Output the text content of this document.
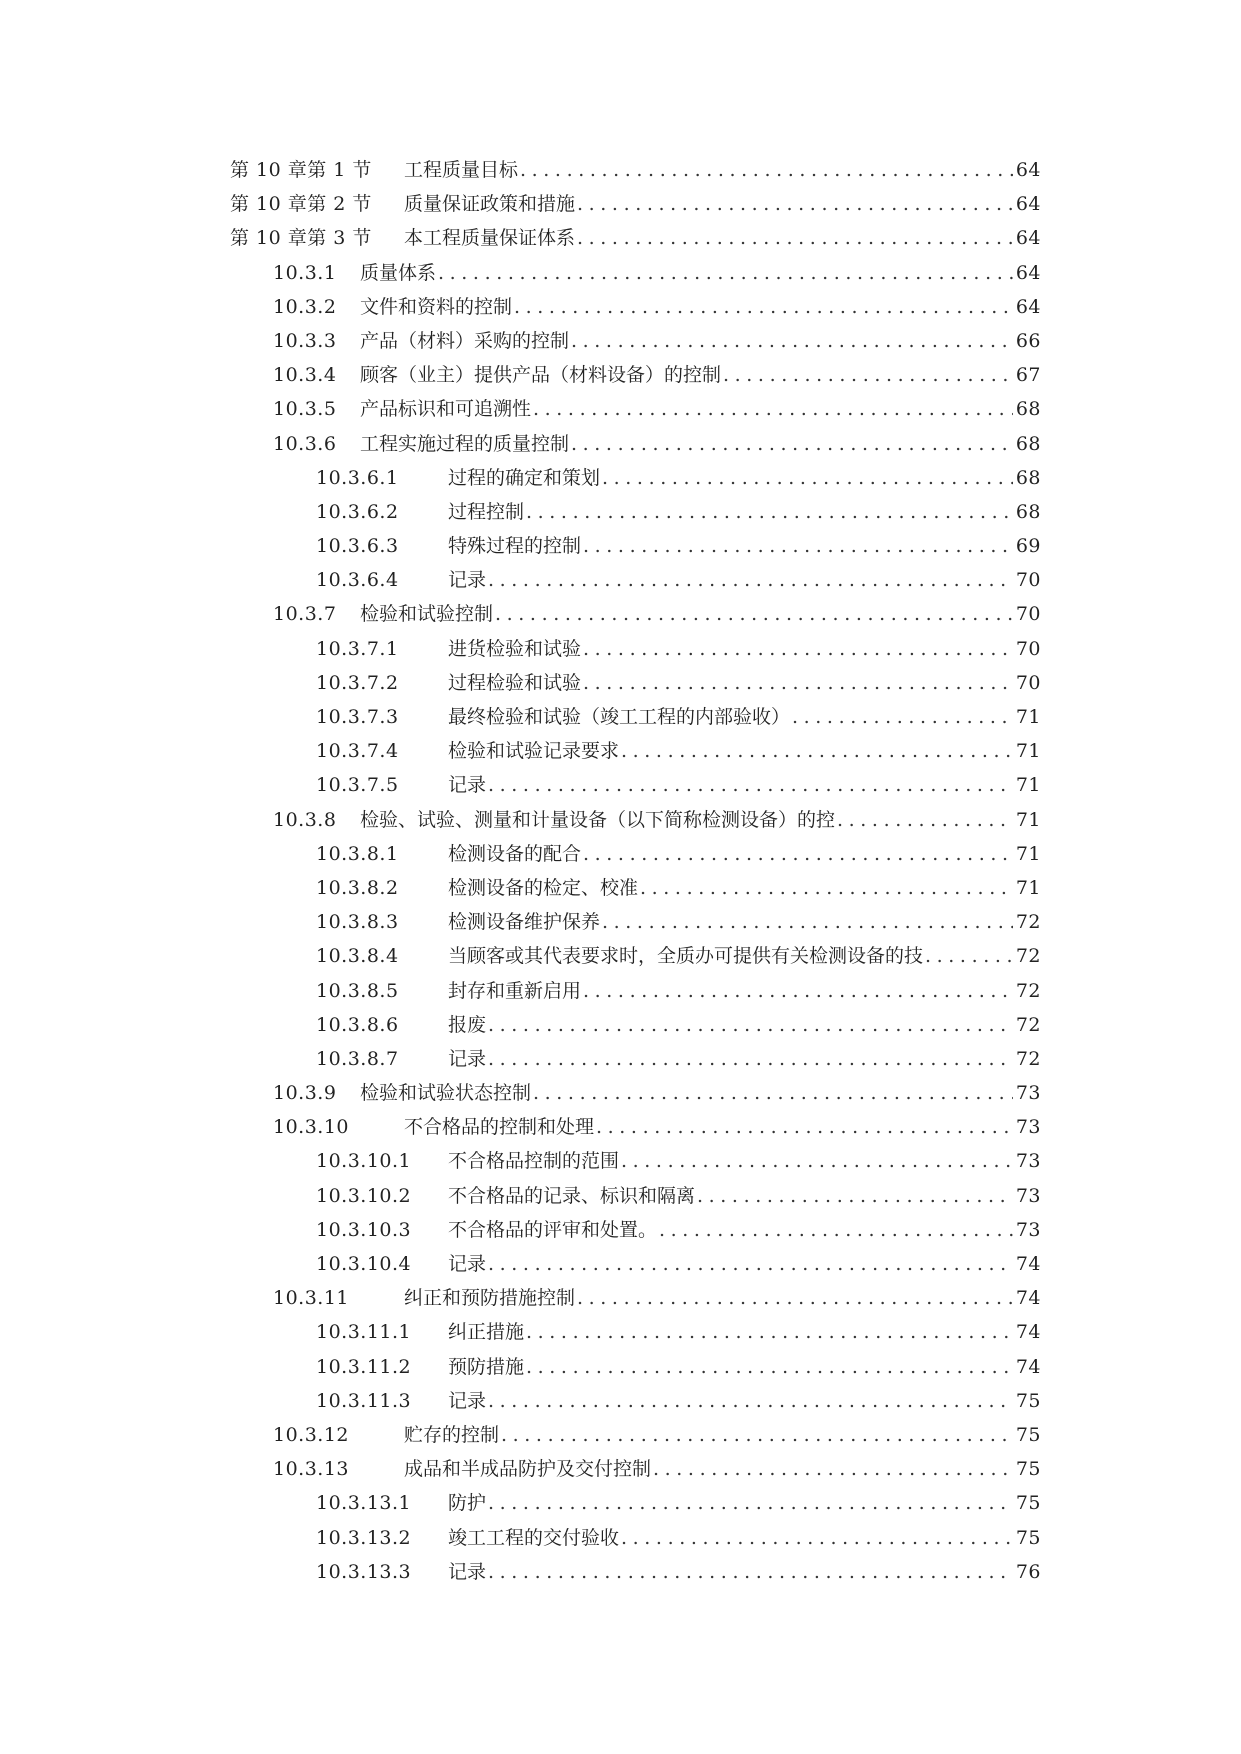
第 10 章第 1 节 工程质量目标 .....	64
第 10 章第 2 节 质量保证政策和措施 .....	64
第 10 章第 3 节 本工程质量保证体系 .....	64
10.3.1 质量体系 .....	64
10.3.2 文件和资料的控制 .....	64
10.3.3 产品（材料）采购的控制 .....	66
10.3.4 顾客（业主）提供产品（材料设备）的控制 .....	67
10.3.5 产品标识和可追溯性 .....	68
10.3.6 工程实施过程的质量控制 .....	68
10.3.6.1	过程的确定和策划 .....	68
10.3.6.2	过程控制 .....	68
10.3.6.3	特殊过程的控制 .....	69
10.3.6.4	记录 .....	70
10.3.7 检验和试验控制 .....	70
10.3.7.1	进货检验和试验 .....	70
10.3.7.2	过程检验和试验 .....	70
10.3.7.3	最终检验和试验（竣工工程的内部验收） .....	71
10.3.7.4	检验和试验记录要求 .....	71
10.3.7.5	记录 .....	71
10.3.8 检验、试验、测量和计量设备（以下简称检测设备）的控 .....	71
10.3.8.1	检测设备的配合 .....	71
10.3.8.2	检测设备的检定、校准 .....	71
10.3.8.3	检测设备维护保养 .....	72
10.3.8.4	当顾客或其代表要求时，全质办可提供有关检测设备的技 .....	72
10.3.8.5	封存和重新启用 .....	72
10.3.8.6	报废 .....	72
10.3.8.7	记录 .....	72
10.3.9 检验和试验状态控制 .....	73
10.3.10	不合格品的控制和处理 .....	73
10.3.10.1 不合格品控制的范围 .....	73
10.3.10.2 不合格品的记录、标识和隔离 .....	73
10.3.10.3 不合格品的评审和处置。 .....	73
10.3.10.4 记录 .....	74
10.3.11	纠正和预防措施控制 .....	74
10.3.11.1 纠正措施 .....	74
10.3.11.2 预防措施 .....	74
10.3.11.3 记录 .....	75
10.3.12	贮存的控制 .....	75
10.3.13	成品和半成品防护及交付控制 .....	75
10.3.13.1 防护 .....	75
10.3.13.2 竣工工程的交付验收 .....	75
10.3.13.3 记录 .....	76
